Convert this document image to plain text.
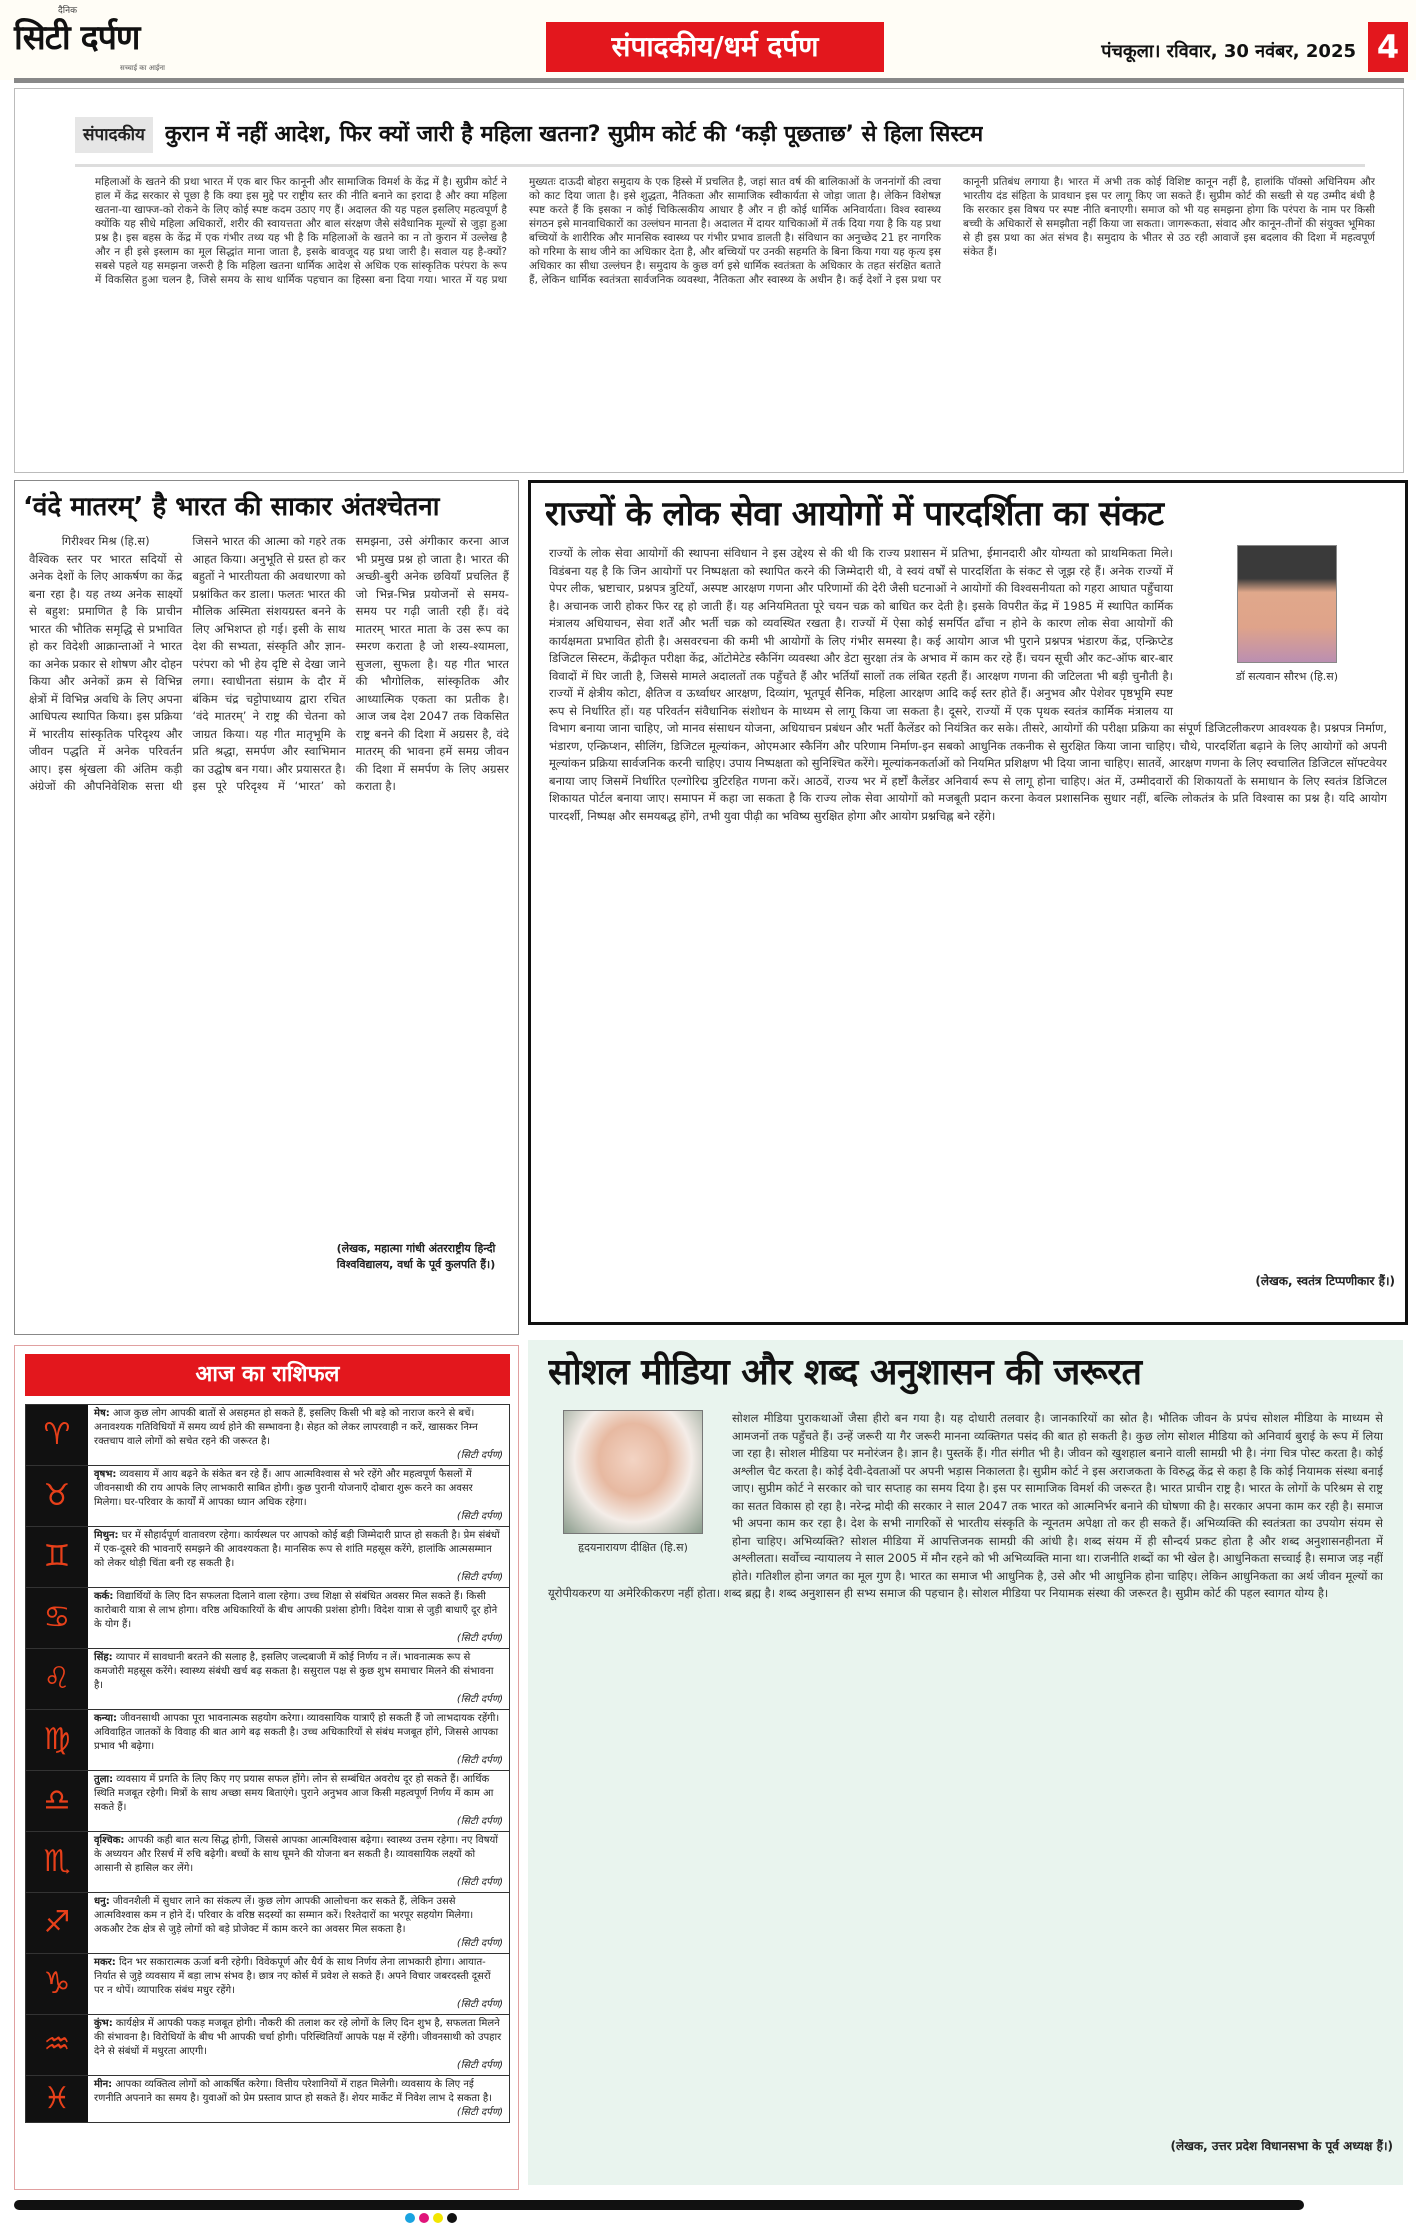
दैनिक
सिटी दर्पण
सच्चाई का आईना
संपादकीय/धर्म दर्पण	पंचकूला। रविवार, 30 नवंबर, 2025 4
संपादकीय कुरान में नहीं आदेश, फिर क्यों जारी है महिला खतना? सुप्रीम कोर्ट की ‘कड़ी पूछताछ’ से हिला सिस्टम
महिलाओं के खतने की प्रथा भारत में एक बार फिर कानूनी और सामाजिक विमर्श के केंद्र में है। सुप्रीम कोर्ट ने हाल में केंद्र सरकार से पूछा है कि क्या इस मुद्दे पर राष्ट्रीय स्तर की नीति बनाने का इरादा है और क्या महिला खतना-या खाफ्ज-को रोकने के लिए कोई स्पष्ट कदम उठाए गए हैं। अदालत की यह पहल इसलिए महत्वपूर्ण है क्योंकि यह सीधे महिला अधिकारों, शरीर की स्वायत्तता और बाल संरक्षण जैसे संवैधानिक मूल्यों से जुड़ा हुआ प्रश्न है। इस बहस के केंद्र में एक गंभीर तथ्य यह भी है कि महिलाओं के खतने का न तो कुरान में उल्लेख है और न ही इसे इस्लाम का मूल सिद्धांत माना जाता है, इसके बावजूद यह प्रथा जारी है। सवाल यह है-क्यों? सबसे पहले यह समझना जरूरी है कि महिला खतना धार्मिक आदेश से अधिक एक सांस्कृतिक परंपरा के रूप में विकसित हुआ चलन है, जिसे समय के साथ धार्मिक पहचान का हिस्सा बना दिया गया। भारत में यह प्रथा मुख्यतः दाऊदी बोहरा समुदाय के एक हिस्से में प्रचलित है, जहां सात वर्ष की बालिकाओं के जननांगों की त्वचा को काट दिया जाता है। इसे शुद्धता, नैतिकता और सामाजिक स्वीकार्यता से जोड़ा जाता है। लेकिन विशेषज्ञ स्पष्ट करते हैं कि इसका न कोई चिकित्सकीय आधार है और न ही कोई धार्मिक अनिवार्यता। विश्व स्वास्थ्य संगठन इसे मानवाधिकारों का उल्लंघन मानता है। अदालत में दायर याचिकाओं में तर्क दिया गया है कि यह प्रथा बच्चियों के शारीरिक और मानसिक स्वास्थ्य पर गंभीर प्रभाव डालती है। संविधान का अनुच्छेद 21 हर नागरिक को गरिमा के साथ जीने का अधिकार देता है, और बच्चियों पर उनकी सहमति के बिना किया गया यह कृत्य इस अधिकार का सीधा उल्लंघन है। समुदाय के कुछ वर्ग इसे धार्मिक स्वतंत्रता के अधिकार के तहत संरक्षित बताते हैं, लेकिन धार्मिक स्वतंत्रता सार्वजनिक व्यवस्था, नैतिकता और स्वास्थ्य के अधीन है। कई देशों ने इस प्रथा पर कानूनी प्रतिबंध लगाया है। भारत में अभी तक कोई विशिष्ट कानून नहीं है, हालांकि पॉक्सो अधिनियम और भारतीय दंड संहिता के प्रावधान इस पर लागू किए जा सकते हैं। सुप्रीम कोर्ट की सख्ती से यह उम्मीद बंधी है कि सरकार इस विषय पर स्पष्ट नीति बनाएगी। समाज को भी यह समझना होगा कि परंपरा के नाम पर किसी बच्ची के अधिकारों से समझौता नहीं किया जा सकता। जागरूकता, संवाद और कानून-तीनों की संयुक्त भूमिका से ही इस प्रथा का अंत संभव है। समुदाय के भीतर से उठ रही आवाजें इस बदलाव की दिशा में महत्वपूर्ण संकेत हैं।
‘वंदे मातरम्’ है भारत की साकार अंतश्चेतना
गिरीश्वर मिश्र (हि.स)
वैश्विक स्तर पर भारत सदियों से अनेक देशों के लिए आकर्षण का केंद्र बना रहा है। यह तथ्य अनेक साक्ष्यों से बहुश: प्रमाणित है कि प्राचीन भारत की भौतिक समृद्धि से प्रभावित हो कर विदेशी आक्रान्ताओं ने भारत का अनेक प्रकार से शोषण और दोहन किया और अनेकों क्रम से विभिन्न क्षेत्रों में विभिन्न अवधि के लिए अपना आधिपत्य स्थापित किया। इस प्रक्रिया में भारतीय सांस्कृतिक परिदृश्य और जीवन पद्धति में अनेक परिवर्तन आए। इस श्रृंखला की अंतिम कड़ी अंग्रेजों की औपनिवेशिक सत्ता थी जिसने भारत की आत्मा को गहरे तक आहत किया। अनुभूति से ग्रस्त हो कर बहुतों ने भारतीयता की अवधारणा को प्रश्नांकित कर डाला। फलतः भारत की मौलिक अस्मिता संशयग्रस्त बनने के लिए अभिशप्त हो गई। इसी के साथ देश की सभ्यता, संस्कृति और ज्ञान-परंपरा को भी हेय दृष्टि से देखा जाने लगा। स्वाधीनता संग्राम के दौर में बंकिम चंद्र चट्टोपाध्याय द्वारा रचित ‘वंदे मातरम्’ ने राष्ट्र की चेतना को जाग्रत किया। यह गीत मातृभूमि के प्रति श्रद्धा, समर्पण और स्वाभिमान का उद्घोष बन गया। और प्रयासरत है। इस पूरे परिदृश्य में ‘भारत’ को समझना, उसे अंगीकार करना आज भी प्रमुख प्रश्न हो जाता है। भारत की अच्छी-बुरी अनेक छवियाँ प्रचलित हैं जो भिन्न-भिन्न प्रयोजनों से समय-समय पर गढ़ी जाती रही हैं। वंदे मातरम् भारत माता के उस रूप का स्मरण कराता है जो शस्य-श्यामला, सुजला, सुफला है। यह गीत भारत की भौगोलिक, सांस्कृतिक और आध्यात्मिक एकता का प्रतीक है। आज जब देश 2047 तक विकसित राष्ट्र बनने की दिशा में अग्रसर है, वंदे मातरम् की भावना हमें समग्र जीवन की दिशा में समर्पण के लिए अग्रसर कराता है।
(लेखक, महात्मा गांधी अंतरराष्ट्रीय हिन्दी विश्वविद्यालय, वर्धा के पूर्व कुलपति हैं।)
राज्यों के लोक सेवा आयोगों में पारदर्शिता का संकट
डॉ सत्यवान सौरभ (हि.स)
राज्यों के लोक सेवा आयोगों की स्थापना संविधान ने इस उद्देश्य से की थी कि राज्य प्रशासन में प्रतिभा, ईमानदारी और योग्यता को प्राथमिकता मिले। विडंबना यह है कि जिन आयोगों पर निष्पक्षता को स्थापित करने की जिम्मेदारी थी, वे स्वयं वर्षों से पारदर्शिता के संकट से जूझ रहे हैं। अनेक राज्यों में पेपर लीक, भ्रष्टाचार, प्रश्नपत्र त्रुटियाँ, अस्पष्ट आरक्षण गणना और परिणामों की देरी जैसी घटनाओं ने आयोगों की विश्वसनीयता को गहरा आघात पहुँचाया है। अचानक जारी होकर फिर रद्द हो जाती हैं। यह अनियमितता पूरे चयन चक्र को बाधित कर देती है। इसके विपरीत केंद्र में 1985 में स्थापित कार्मिक मंत्रालय अधियाचन, सेवा शर्तें और भर्ती चक्र को व्यवस्थित रखता है। राज्यों में ऐसा कोई समर्पित ढाँचा न होने के कारण लोक सेवा आयोगों की कार्यक्षमता प्रभावित होती है। असवरचना की कमी भी आयोगों के लिए गंभीर समस्या है। कई आयोग आज भी पुराने प्रश्नपत्र भंडारण केंद्र, एन्क्रिप्टेड डिजिटल सिस्टम, केंद्रीकृत परीक्षा केंद्र, ऑटोमेटेड स्कैनिंग व्यवस्था और डेटा सुरक्षा तंत्र के अभाव में काम कर रहे हैं। चयन सूची और कट-ऑफ बार-बार विवादों में घिर जाती है, जिससे मामले अदालतों तक पहुँचते हैं और भर्तियाँ सालों तक लंबित रहती हैं। आरक्षण गणना की जटिलता भी बड़ी चुनौती है। राज्यों में क्षेत्रीय कोटा, क्षैतिज व ऊर्ध्वाधर आरक्षण, दिव्यांग, भूतपूर्व सैनिक, महिला आरक्षण आदि कई स्तर होते हैं। अनुभव और पेशेवर पृष्ठभूमि स्पष्ट रूप से निर्धारित हों। यह परिवर्तन संवैधानिक संशोधन के माध्यम से लागू किया जा सकता है। दूसरे, राज्यों में एक पृथक स्वतंत्र कार्मिक मंत्रालय या विभाग बनाया जाना चाहिए, जो मानव संसाधन योजना, अधियाचन प्रबंधन और भर्ती कैलेंडर को नियंत्रित कर सके। तीसरे, आयोगों की परीक्षा प्रक्रिया का संपूर्ण डिजिटलीकरण आवश्यक है। प्रश्नपत्र निर्माण, भंडारण, एन्क्रिप्शन, सीलिंग, डिजिटल मूल्यांकन, ओएमआर स्कैनिंग और परिणाम निर्माण-इन सबको आधुनिक तकनीक से सुरक्षित किया जाना चाहिए। चौथे, पारदर्शिता बढ़ाने के लिए आयोगों को अपनी मूल्यांकन प्रक्रिया सार्वजनिक करनी चाहिए। उपाय निष्पक्षता को सुनिश्चित करेंगे। मूल्यांकनकर्ताओं को नियमित प्रशिक्षण भी दिया जाना चाहिए। सातवें, आरक्षण गणना के लिए स्वचालित डिजिटल सॉफ्टवेयर बनाया जाए जिसमें निर्धारित एल्गोरिद्म त्रुटिरहित गणना करें। आठवें, राज्य भर में हर्ष्टों कैलेंडर अनिवार्य रूप से लागू होना चाहिए। अंत में, उम्मीदवारों की शिकायतों के समाधान के लिए स्वतंत्र डिजिटल शिकायत पोर्टल बनाया जाए। समापन में कहा जा सकता है कि राज्य लोक सेवा आयोगों को मजबूती प्रदान करना केवल प्रशासनिक सुधार नहीं, बल्कि लोकतंत्र के प्रति विश्वास का प्रश्न है। यदि आयोग पारदर्शी, निष्पक्ष और समयबद्ध होंगे, तभी युवा पीढ़ी का भविष्य सुरक्षित होगा और आयोग प्रश्नचिह्न बने रहेंगे।
(लेखक, स्वतंत्र टिप्पणीकार हैं।)
आज का राशिफल
♈
मेष: आज कुछ लोग आपकी बातों से असहमत हो सकते हैं, इसलिए किसी भी बड़े को नाराज करने से बचें। अनावश्यक गतिविधियों में समय व्यर्थ होने की सम्भावना है। सेहत को लेकर लापरवाही न करें, खासकर निम्न रक्तचाप वाले लोगों को सचेत रहने की जरूरत है।
(सिटी दर्पण)
♉
वृषभ: व्यवसाय में आय बढ़ने के संकेत बन रहे हैं। आप आत्मविश्वास से भरे रहेंगे और महत्वपूर्ण फैसलों में जीवनसाथी की राय आपके लिए लाभकारी साबित होगी। कुछ पुरानी योजनाएँ दोबारा शुरू करने का अवसर मिलेगा। घर-परिवार के कार्यों में आपका ध्यान अधिक रहेगा।
(सिटी दर्पण)
♊
मिथुन: घर में सौहार्दपूर्ण वातावरण रहेगा। कार्यस्थल पर आपको कोई बड़ी जिम्मेदारी प्राप्त हो सकती है। प्रेम संबंधों में एक-दूसरे की भावनाएँ समझने की आवश्यकता है। मानसिक रूप से शांति महसूस करेंगे, हालांकि आत्मसम्मान को लेकर थोड़ी चिंता बनी रह सकती है।
(सिटी दर्पण)
♋
कर्क: विद्यार्थियों के लिए दिन सफलता दिलाने वाला रहेगा। उच्च शिक्षा से संबंधित अवसर मिल सकते हैं। किसी कारोबारी यात्रा से लाभ होगा। वरिष्ठ अधिकारियों के बीच आपकी प्रशंसा होगी। विदेश यात्रा से जुड़ी बाधाएँ दूर होने के योग हैं।
(सिटी दर्पण)
♌
सिंह: व्यापार में सावधानी बरतने की सलाह है, इसलिए जल्दबाजी में कोई निर्णय न लें। भावनात्मक रूप से कमजोरी महसूस करेंगे। स्वास्थ्य संबंधी खर्च बढ़ सकता है। ससुराल पक्ष से कुछ शुभ समाचार मिलने की संभावना है।
(सिटी दर्पण)
♍
कन्या: जीवनसाथी आपका पूरा भावनात्मक सहयोग करेगा। व्यावसायिक यात्राएँ हो सकती हैं जो लाभदायक रहेंगी। अविवाहित जातकों के विवाह की बात आगे बढ़ सकती है। उच्च अधिकारियों से संबंध मजबूत होंगे, जिससे आपका प्रभाव भी बढ़ेगा।
(सिटी दर्पण)
♎
तुला: व्यवसाय में प्रगति के लिए किए गए प्रयास सफल होंगे। लोन से सम्बंधित अवरोध दूर हो सकते हैं। आर्थिक स्थिति मजबूत रहेगी। मित्रों के साथ अच्छा समय बिताएंगे। पुराने अनुभव आज किसी महत्वपूर्ण निर्णय में काम आ सकते हैं।
(सिटी दर्पण)
♏
वृश्चिक: आपकी कही बात सत्य सिद्ध होगी, जिससे आपका आत्मविश्वास बढ़ेगा। स्वास्थ्य उत्तम रहेगा। नए विषयों के अध्ययन और रिसर्च में रुचि बढ़ेगी। बच्चों के साथ घूमने की योजना बन सकती है। व्यावसायिक लक्ष्यों को आसानी से हासिल कर लेंगे।
(सिटी दर्पण)
♐
धनु: जीवनशैली में सुधार लाने का संकल्प लें। कुछ लोग आपकी आलोचना कर सकते हैं, लेकिन उससे आत्मविश्वास कम न होने दें। परिवार के वरिष्ठ सदस्यों का सम्मान करें। रिश्तेदारों का भरपूर सहयोग मिलेगा। अकऔर टेक क्षेत्र से जुड़े लोगों को बड़े प्रोजेक्ट में काम करने का अवसर मिल सकता है।
(सिटी दर्पण)
♑
मकर: दिन भर सकारात्मक ऊर्जा बनी रहेगी। विवेकपूर्ण और धैर्य के साथ निर्णय लेना लाभकारी होगा। आयात-निर्यात से जुड़े व्यवसाय में बड़ा लाभ संभव है। छात्र नए कोर्स में प्रवेश ले सकते हैं। अपने विचार जबरदस्ती दूसरों पर न थोपें। व्यापारिक संबंध मधुर रहेंगे।
(सिटी दर्पण)
♒
कुंभ: कार्यक्षेत्र में आपकी पकड़ मजबूत होगी। नौकरी की तलाश कर रहे लोगों के लिए दिन शुभ है, सफलता मिलने की संभावना है। विरोधियों के बीच भी आपकी चर्चा होगी। परिस्थितियाँ आपके पक्ष में रहेंगी। जीवनसाथी को उपहार देने से संबंधों में मधुरता आएगी।
(सिटी दर्पण)
♓	मीन: आपका व्यक्तित्व लोगों को आकर्षित करेगा। वित्तीय परेशानियों में राहत मिलेगी। व्यवसाय के लिए नई रणनीति अपनाने का समय है। युवाओं को प्रेम प्रस्ताव प्राप्त हो सकते हैं। शेयर मार्केट में निवेश लाभ दे सकता है।
(सिटी दर्पण)
सोशल मीडिया और शब्द अनुशासन की जरूरत
हृदयनारायण दीक्षित (हि.स)
सोशल मीडिया पुराकथाओं जैसा हीरो बन गया है। यह दोधारी तलवार है। जानकारियों का स्रोत है। भौतिक जीवन के प्रपंच सोशल मीडिया के माध्यम से आमजनों तक पहुँचते हैं। उन्हें जरूरी या गैर जरूरी मानना व्यक्तिगत पसंद की बात हो सकती है। कुछ लोग सोशल मीडिया को अनिवार्य बुराई के रूप में लिया जा रहा है। सोशल मीडिया पर मनोरंजन है। ज्ञान है। पुस्तकें हैं। गीत संगीत भी है। जीवन को खुशहाल बनाने वाली सामग्री भी है। नंगा चित्र पोस्ट करता है। कोई अश्लील चैट करता है। कोई देवी-देवताओं पर अपनी भड़ास निकालता है। सुप्रीम कोर्ट ने इस अराजकता के विरुद्ध केंद्र से कहा है कि कोई नियामक संस्था बनाई जाए। सुप्रीम कोर्ट ने सरकार को चार सप्ताह का समय दिया है। इस पर सामाजिक विमर्श की जरूरत है। भारत प्राचीन राष्ट्र है। भारत के लोगों के परिश्रम से राष्ट्र का सतत विकास हो रहा है। नरेन्द्र मोदी की सरकार ने साल 2047 तक भारत को आत्मनिर्भर बनाने की घोषणा की है। सरकार अपना काम कर रही है। समाज भी अपना काम कर रहा है। देश के सभी नागरिकों से भारतीय संस्कृति के न्यूनतम अपेक्षा तो कर ही सकते हैं। अभिव्यक्ति की स्वतंत्रता का उपयोग संयम से होना चाहिए। अभिव्यक्ति? सोशल मीडिया में आपत्तिजनक सामग्री की आंधी है। शब्द संयम में ही सौन्दर्य प्रकट होता है और शब्द अनुशासनहीनता में अश्लीलता। सर्वोच्च न्यायालय ने साल 2005 में मौन रहने को भी अभिव्यक्ति माना था। राजनीति शब्दों का भी खेल है। आधुनिकता सच्चाई है। समाज जड़ नहीं होते। गतिशील होना जगत का मूल गुण है। भारत का समाज भी आधुनिक है, उसे और भी आधुनिक होना चाहिए। लेकिन आधुनिकता का अर्थ जीवन मूल्यों का यूरोपीयकरण या अमेरिकीकरण नहीं होता। शब्द ब्रह्म है। शब्द अनुशासन ही सभ्य समाज की पहचान है। सोशल मीडिया पर नियामक संस्था की जरूरत है। सुप्रीम कोर्ट की पहल स्वागत योग्य है।
(लेखक, उत्तर प्रदेश विधानसभा के पूर्व अध्यक्ष हैं।)
